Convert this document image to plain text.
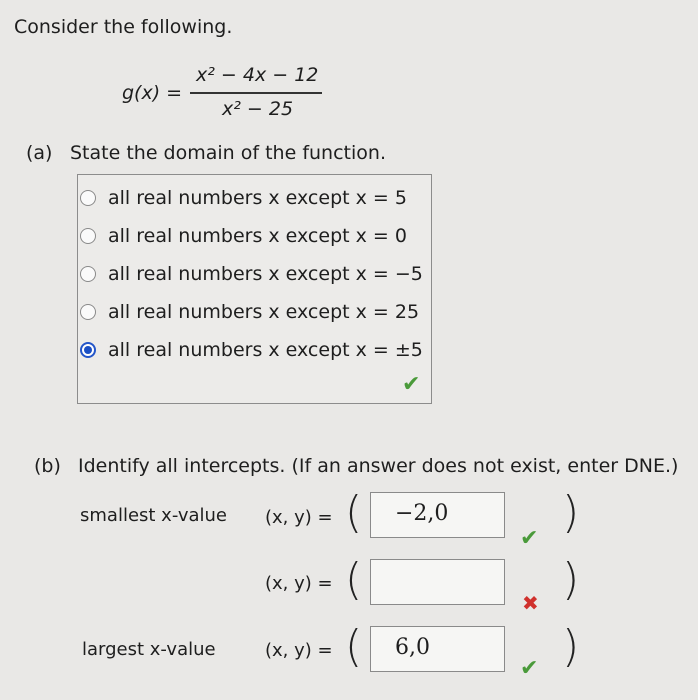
Consider the following.
g(x) =
x² − 4x − 12
x² − 25
(a) State the domain of the function.
all real numbers x except x = 5
all real numbers x except x = 0
all real numbers x except x = −5
all real numbers x except x = 25
all real numbers x except x = ±5
✔
(b) Identify all intercepts. (If an answer does not exist, enter DNE.)
smallest x-value (x, y) = ( −2,0
✔
)
(x, y) = (	✖ )
largest x-value	(x, y) = ( 6,0
✔ )
